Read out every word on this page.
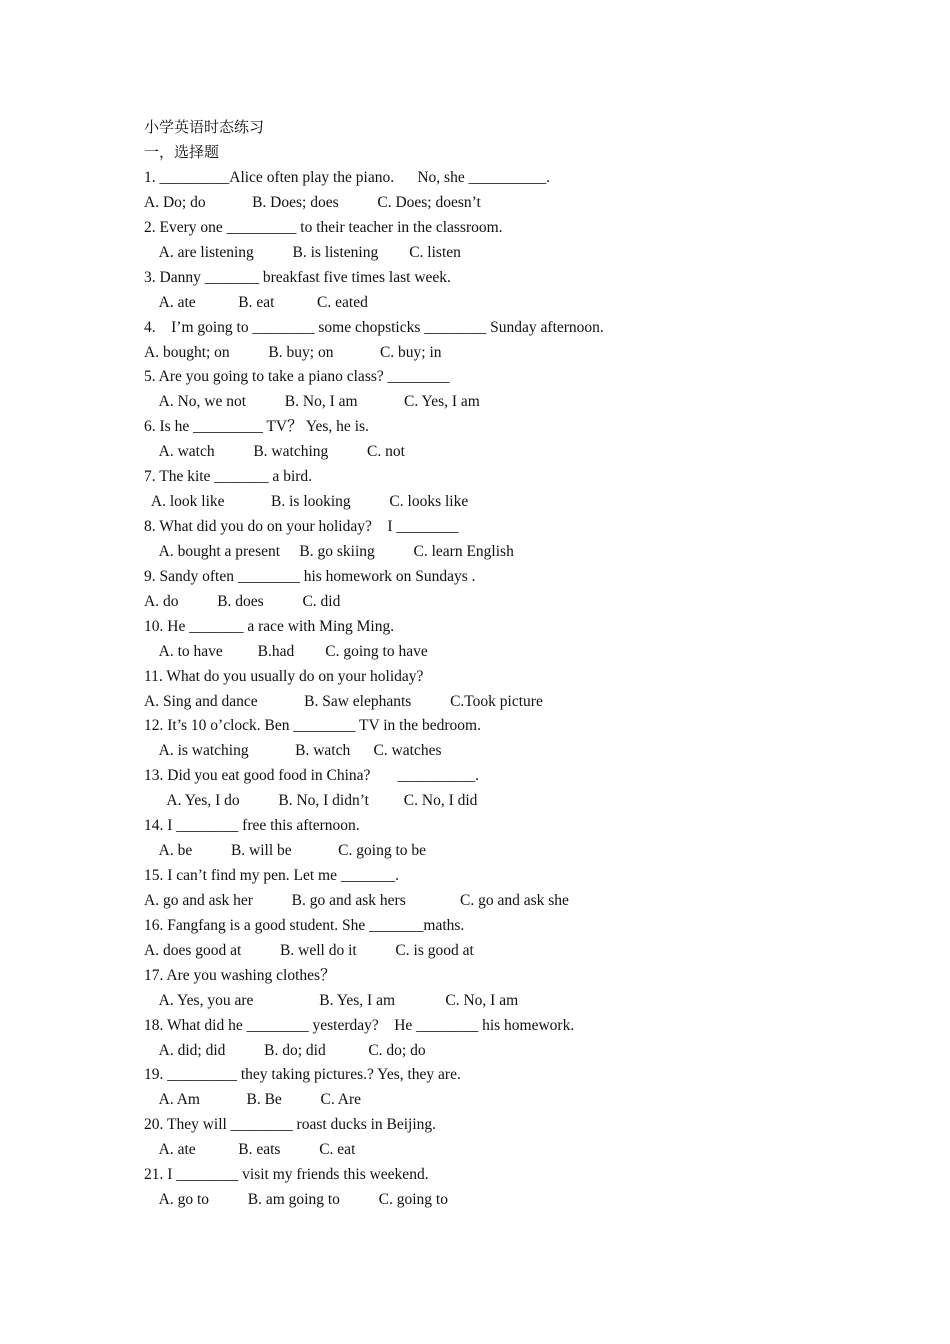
小学英语时态练习
一，选择题
1. _________Alice often play the piano.      No, she __________.
A. Do; do            B. Does; does          C. Does; doesn’t
2. Every one _________ to their teacher in the classroom.
A. are listening          B. is listening        C. listen
3. Danny _______ breakfast five times last week.
A. ate           B. eat           C. eated
4.    I’m going to ________ some chopsticks ________ Sunday afternoon.
A. bought; on          B. buy; on            C. buy; in
5. Are you going to take a piano class? ________
A. No, we not          B. No, I am            C. Yes, I am
6. Is he _________ TV？ Yes, he is.
A. watch          B. watching          C. not
7. The kite _______ a bird.
A. look like            B. is looking          C. looks like
8. What did you do on your holiday?    I ________
A. bought a present     B. go skiing          C. learn English
9. Sandy often ________ his homework on Sundays .
A. do          B. does          C. did
10. He _______ a race with Ming Ming.
A. to have         B.had        C. going to have
11. What do you usually do on your holiday?
A. Sing and dance            B. Saw elephants          C.Took picture
12. It’s 10 o’clock. Ben ________ TV in the bedroom.
A. is watching            B. watch      C. watches
13. Did you eat good food in China?       __________.
A. Yes, I do          B. No, I didn’t         C. No, I did
14. I ________ free this afternoon.
A. be          B. will be            C. going to be
15. I can’t find my pen. Let me _______.
A. go and ask her          B. go and ask hers              C. go and ask she
16. Fangfang is a good student. She _______maths.
A. does good at          B. well do it          C. is good at
17. Are you washing clothes？
A. Yes, you are                 B. Yes, I am             C. No, I am
18. What did he ________ yesterday?    He ________ his homework.
A. did; did          B. do; did           C. do; do
19. _________ they taking pictures.? Yes, they are.
A. Am            B. Be          C. Are
20. They will ________ roast ducks in Beijing.
A. ate           B. eats          C. eat
21. I ________ visit my friends this weekend.
A. go to          B. am going to          C. going to
